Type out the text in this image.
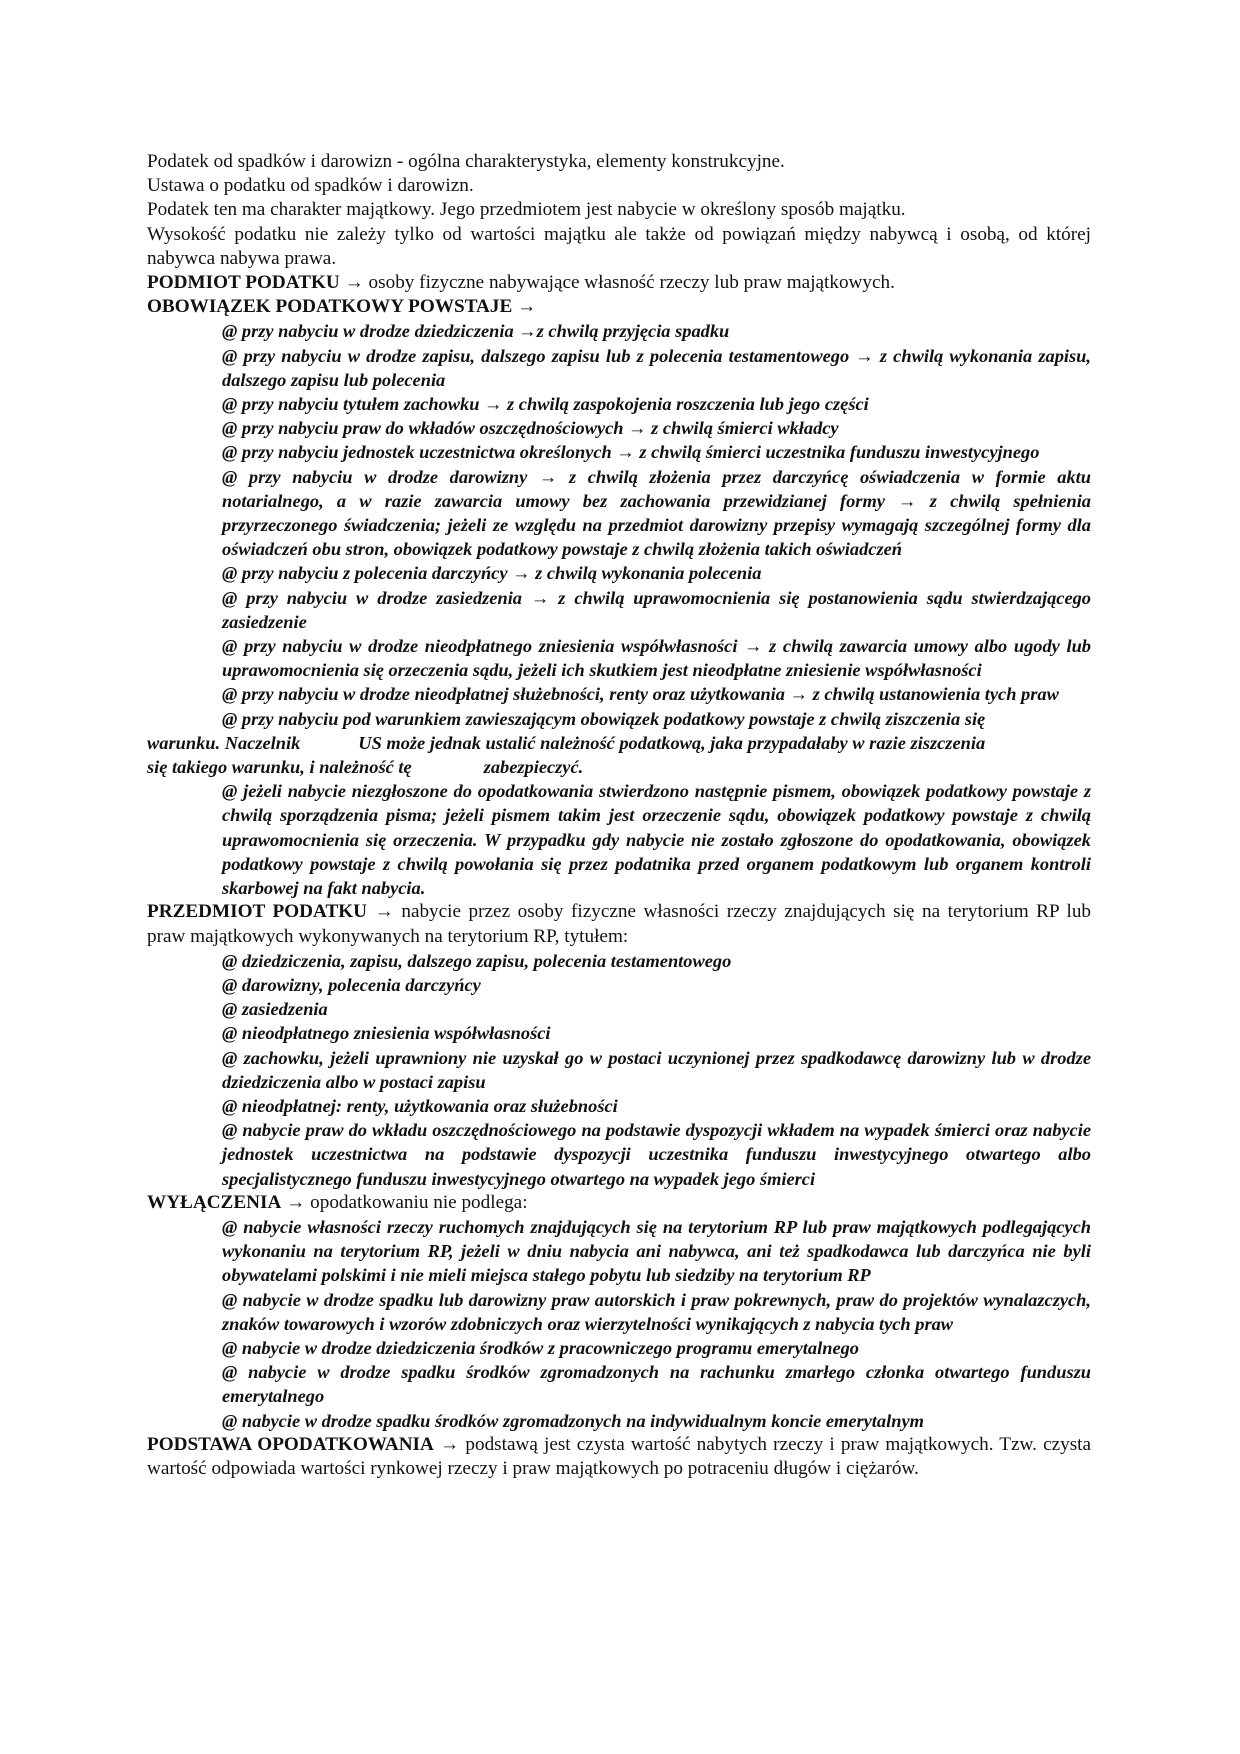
Podatek od spadków i darowizn - ogólna charakterystyka, elementy konstrukcyjne.

Ustawa o podatku od spadków i darowizn.

Podatek ten ma charakter majątkowy. Jego przedmiotem jest nabycie w określony sposób majątku.

Wysokość podatku nie zależy tylko od wartości majątku ale także od powiązań między nabywcą i osobą, od której nabywca nabywa prawa.

PODMIOT PODATKU → osoby fizyczne nabywające własność rzeczy lub praw majątkowych.

OBOWIĄZEK PODATKOWY POWSTAJE →

@ przy nabyciu w drodze dziedziczenia →z chwilą przyjęcia spadku

@ przy nabyciu w drodze zapisu, dalszego zapisu lub z polecenia testamentowego → z chwilą wykonania zapisu, dalszego zapisu lub polecenia

@ przy nabyciu tytułem zachowku → z chwilą zaspokojenia roszczenia lub jego części

@ przy nabyciu praw do wkładów oszczędnościowych → z chwilą śmierci wkładcy

@ przy nabyciu jednostek uczestnictwa określonych → z chwilą śmierci uczestnika funduszu inwestycyjnego

@ przy nabyciu w drodze darowizny → z chwilą złożenia przez darczyńcę oświadczenia w formie aktu notarialnego, a w razie zawarcia umowy bez zachowania przewidzianej formy → z chwilą spełnienia przyrzeczonego świadczenia; jeżeli ze względu na przedmiot darowizny przepisy wymagają szczególnej formy dla oświadczeń obu stron, obowiązek podatkowy powstaje z chwilą złożenia takich oświadczeń

@ przy nabyciu z polecenia darczyńcy → z chwilą wykonania polecenia

@ przy nabyciu w drodze zasiedzenia → z chwilą uprawomocnienia się postanowienia sądu stwierdzającego zasiedzenie

@ przy nabyciu w drodze nieodpłatnego zniesienia współwłasności → z chwilą zawarcia umowy albo ugody lub uprawomocnienia się orzeczenia sądu, jeżeli ich skutkiem jest nieodpłatne zniesienie współwłasności

@ przy nabyciu w drodze nieodpłatnej służebności, renty oraz użytkowania → z chwilą ustanowienia tych praw

@ przy nabyciu pod warunkiem zawieszającym obowiązek podatkowy powstaje z chwilą ziszczenia się

warunku. Naczelnik	US może jednak ustalić należność podatkową, jaka przypadałaby w razie ziszczenia

się takiego warunku, i należność tę	zabezpieczyć.

@ jeżeli nabycie niezgłoszone do opodatkowania stwierdzono następnie pismem, obowiązek podatkowy powstaje z chwilą sporządzenia pisma; jeżeli pismem takim jest orzeczenie sądu, obowiązek podatkowy powstaje z chwilą uprawomocnienia się orzeczenia. W przypadku gdy nabycie nie zostało zgłoszone do opodatkowania, obowiązek podatkowy powstaje z chwilą powołania się przez podatnika przed organem podatkowym lub organem kontroli skarbowej na fakt nabycia.

PRZEDMIOT PODATKU → nabycie przez osoby fizyczne własności rzeczy znajdujących się na terytorium RP lub praw majątkowych wykonywanych na terytorium RP, tytułem:

@ dziedziczenia, zapisu, dalszego zapisu, polecenia testamentowego

@ darowizny, polecenia darczyńcy

@ zasiedzenia

@ nieodpłatnego zniesienia współwłasności

@ zachowku, jeżeli uprawniony nie uzyskał go w postaci uczynionej przez spadkodawcę darowizny lub w drodze dziedziczenia albo w postaci zapisu

@ nieodpłatnej: renty, użytkowania oraz służebności

@ nabycie praw do wkładu oszczędnościowego na podstawie dyspozycji wkładem na wypadek śmierci oraz nabycie jednostek uczestnictwa na podstawie dyspozycji uczestnika funduszu inwestycyjnego otwartego albo specjalistycznego funduszu inwestycyjnego otwartego na wypadek jego śmierci

WYŁĄCZENIA → opodatkowaniu nie podlega:

@ nabycie własności rzeczy ruchomych znajdujących się na terytorium RP lub praw majątkowych podlegających wykonaniu na terytorium RP, jeżeli w dniu nabycia ani nabywca, ani też spadkodawca lub darczyńca nie byli obywatelami polskimi i nie mieli miejsca stałego pobytu lub siedziby na terytorium RP

@ nabycie w drodze spadku lub darowizny praw autorskich i praw pokrewnych, praw do projektów wynalazczych, znaków towarowych i wzorów zdobniczych oraz wierzytelności wynikających z nabycia tych praw

@ nabycie w drodze dziedziczenia środków z pracowniczego programu emerytalnego

@ nabycie w drodze spadku środków zgromadzonych na rachunku zmarłego członka otwartego funduszu emerytalnego

@ nabycie w drodze spadku środków zgromadzonych na indywidualnym koncie emerytalnym

PODSTAWA OPODATKOWANIA → podstawą jest czysta wartość nabytych rzeczy i praw majątkowych. Tzw. czysta wartość odpowiada wartości rynkowej rzeczy i praw majątkowych po potraceniu długów i ciężarów.
